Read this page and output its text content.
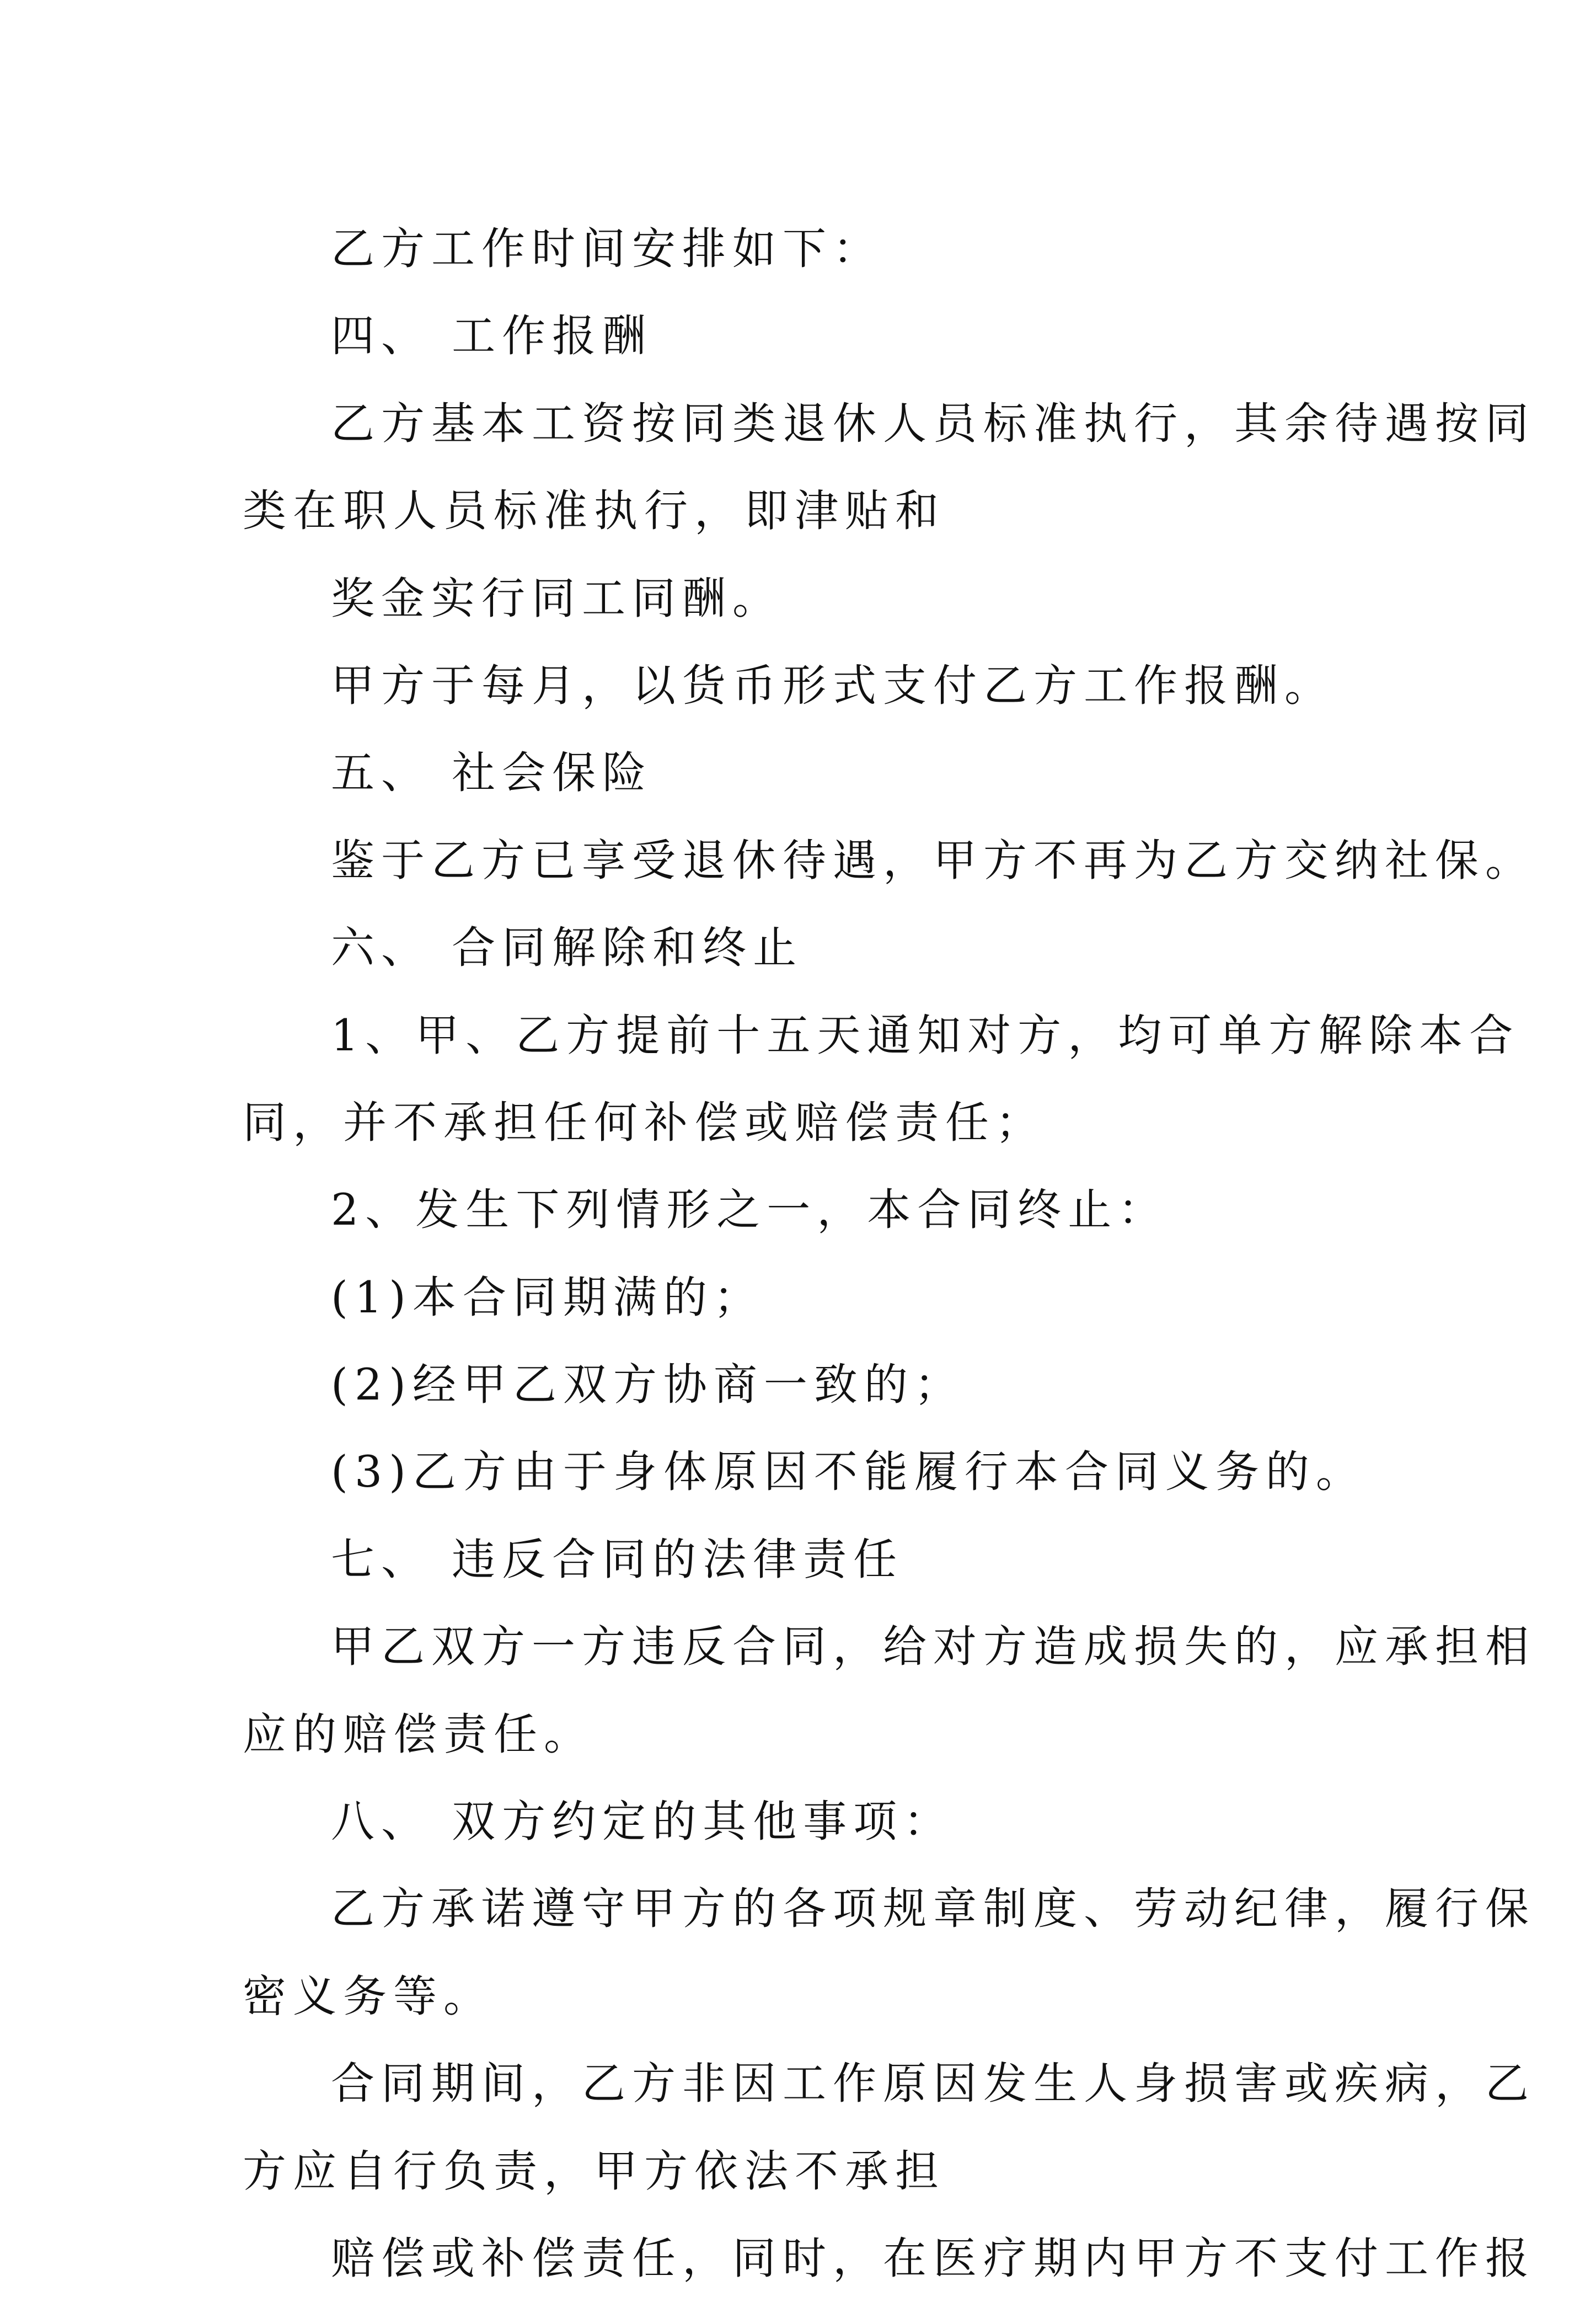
乙方工作时间安排如下：

四、 工作报酬

乙方基本工资按同类退休人员标准执行，其余待遇按同

类在职人员标准执行，即津贴和

奖金实行同工同酬。

甲方于每月，以货币形式支付乙方工作报酬。

五、 社会保险

鉴于乙方已享受退休待遇，甲方不再为乙方交纳社保。

六、 合同解除和终止

1、甲、乙方提前十五天通知对方，均可单方解除本合

同，并不承担任何补偿或赔偿责任；

2、发生下列情形之一，本合同终止：

(1)本合同期满的；

(2)经甲乙双方协商一致的；

(3)乙方由于身体原因不能履行本合同义务的。

七、 违反合同的法律责任

甲乙双方一方违反合同，给对方造成损失的，应承担相

应的赔偿责任。

八、 双方约定的其他事项：

乙方承诺遵守甲方的各项规章制度、劳动纪律，履行保

密义务等。

合同期间，乙方非因工作原因发生人身损害或疾病，乙

方应自行负责，甲方依法不承担

赔偿或补偿责任，同时，在医疗期内甲方不支付工作报
